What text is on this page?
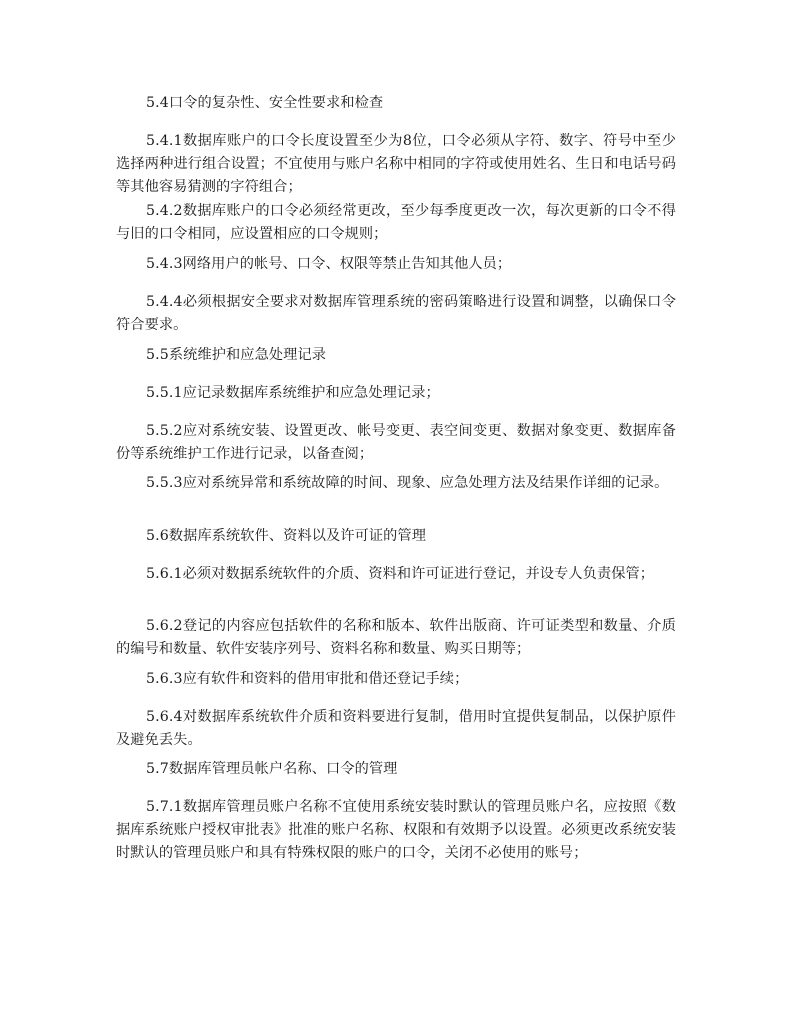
5.4口令的复杂性、安全性要求和检查

5.4.1数据库账户的口令长度设置至少为8位，口令必须从字符、数字、符号中至少选择两种进行组合设置；不宜使用与账户名称中相同的字符或使用姓名、生日和电话号码等其他容易猜测的字符组合；

5.4.2数据库账户的口令必须经常更改，至少每季度更改一次，每次更新的口令不得与旧的口令相同，应设置相应的口令规则；

5.4.3网络用户的帐号、口令、权限等禁止告知其他人员；

5.4.4必须根据安全要求对数据库管理系统的密码策略进行设置和调整，以确保口令符合要求。

5.5系统维护和应急处理记录

5.5.1应记录数据库系统维护和应急处理记录；

5.5.2应对系统安装、设置更改、帐号变更、表空间变更、数据对象变更、数据库备份等系统维护工作进行记录，以备查阅；

5.5.3应对系统异常和系统故障的时间、现象、应急处理方法及结果作详细的记录。

5.6数据库系统软件、资料以及许可证的管理

5.6.1必须对数据系统软件的介质、资料和许可证进行登记，并设专人负责保管；

5.6.2登记的内容应包括软件的名称和版本、软件出版商、许可证类型和数量、介质的编号和数量、软件安装序列号、资料名称和数量、购买日期等；

5.6.3应有软件和资料的借用审批和借还登记手续；

5.6.4对数据库系统软件介质和资料要进行复制，借用时宜提供复制品，以保护原件及避免丢失。

5.7数据库管理员帐户名称、口令的管理

5.7.1数据库管理员账户名称不宜使用系统安装时默认的管理员账户名，应按照《数据库系统账户授权审批表》批准的账户名称、权限和有效期予以设置。必须更改系统安装时默认的管理员账户和具有特殊权限的账户的口令，关闭不必使用的账号；
